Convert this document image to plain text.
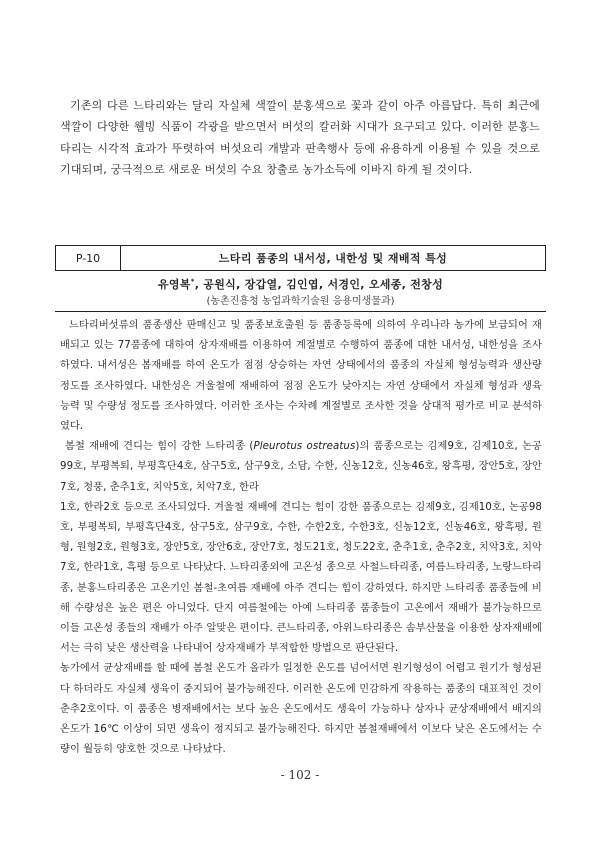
기존의 다른 느타리와는 달리 자실체 색깔이 분홍색으로 꽃과 같이 아주 아름답다. 특히 최근에 색깔이 다양한 웰빙 식품이 각광을 받으면서 버섯의 칼러화 시대가 요구되고 있다. 이러한 분홍느타리는 시각적 효과가 뚜렷하여 버섯요리 개발과 판촉행사 등에 유용하게 이용될 수 있을 것으로 기대되며, 궁극적으로 새로운 버섯의 수요 창출로 농가소득에 이바지 하게 될 것이다.

P-10	느타리 품종의 내서성, 내한성 및 재배적 특성
유영복*, 공원식, 장갑열, 김인엽, 서경인, 오세종, 전창성
(농촌진흥청 농업과학기술원 응용미생물과)

느타리버섯류의 품종생산 판매신고 및 품종보호출원 등 품종등록에 의하여 우리나라 농가에 보급되어 재배되고 있는 77품종에 대하여 상자재배를 이용하여 계절별로 수행하여 품종에 대한 내서성, 내한성을 조사 하였다. 내서성은 봄재배를 하여 온도가 점점 상승하는 자연 상태에서의 품종의 자실체 형성능력과 생산량 정도를 조사하였다. 내한성은 겨울철에 재배하여 점점 온도가 낮아지는 자연 상태에서 자실체 형성과 생육 능력 및 수량성 정도를 조사하였다. 이러한 조사는 수차례 계절별로 조사한 것을 상대적 평가로 비교 분석하였다.

봄철 재배에 견디는 힘이 강한 느타리종 (Pleurotus ostreatus)의 품종으로는 김제9호, 김제10호, 논공99호, 부평복퇴, 부평흑단4호, 삼구5호, 삼구9호, 소담, 수한, 신농12호, 신농46호, 왕흑평, 장안5호, 장안7호, 청풍, 춘추1호, 치악5호, 치악7호, 한라

1호, 한라2호 등으로 조사되었다. 겨울철 재배에 견디는 힘이 강한 품종으로는 김제9호, 김제10호, 논공98호, 부평복퇴, 부평흑단4호, 삼구5호, 삼구9호, 수한, 수한2호, 수한3호, 신농12호, 신농46호, 왕흑평, 원형, 원형2호, 원형3호, 장안5호, 장안6호, 장안7호, 청도21호, 청도22호, 춘추1호, 춘추2호, 치악3호, 치악7호, 한라1호, 흑평 등으로 나타났다. 느타리종외에 고온성 종으로 사철느타리종, 여름느타리종, 노랑느타리종, 분홍느타리종은 고온기인 봄철-초여름 재배에 아주 견디는 힘이 강하였다. 하지만 느타리종 품종들에 비해 수량성은 높은 편은 아니었다. 단지 여름철에는 아예 느타리종 품종들이 고온에서 재배가 불가능하므로 이들 고온성 종들의 재배가 아주 알맞은 편이다. 큰느타리종, 아위느타리종은 솜부산물을 이용한 상자재배에서는 극히 낮은 생산력을 나타내어 상자재배가 부적합한 방법으로 판단된다.

농가에서 균상재배를 할 때에 봄철 온도가 올라가 일정한 온도를 넘어서면 원기형성이 어렵고 원기가 형성된다 하더라도 자실체 생육이 중지되어 불가능해진다. 이러한 온도에 민감하게 작용하는 품종의 대표적인 것이 춘추2호이다. 이 품종은 병재배에서는 보다 높은 온도에서도 생육이 가능하나 상자나 균상재배에서 배지의 온도가 16℃ 이상이 되면 생육이 정지되고 불가능해진다. 하지만 봄철재배에서 이보다 낮은 온도에서는 수량이 월등히 양호한 것으로 나타났다.

- 102 -
